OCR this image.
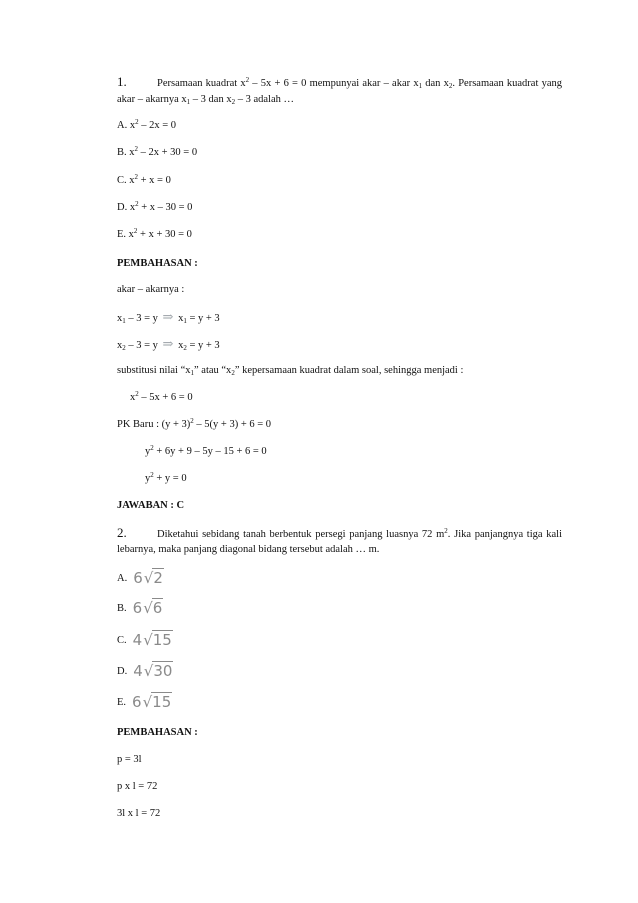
1.	Persamaan kuadrat $x^2 - 5x + 6 = 0$ mempunyai akar – akar $x_1$ dan $x_2$. Persamaan kuadrat yang
akar – akarnya $x_1 - 3$ dan $x_2 - 3$ adalah …
A. $x^2 - 2x = 0$
B. $x^2 - 2x + 30 = 0$
C. $x^2 + x = 0$
D. $x^2 + x - 30 = 0$
E. $x^2 + x + 30 = 0$
PEMBAHASAN :
akar – akarnya :
$x_1 - 3 = y$ ⇒ $x_1 = y + 3$
$x_2 - 3 = y$ ⇒ $x_2 = y + 3$
substitusi nilai “$x_1$” atau “$x_2$” kepersamaan kuadrat dalam soal, sehingga menjadi :
$x^2 - 5x + 6 = 0$
PK Baru : $(y + 3)^2 - 5(y + 3) + 6 = 0$
$y^2 + 6y + 9 - 5y - 15 + 6 = 0$
$y^2 + y = 0$
JAWABAN : C
2.	Diketahui sebidang tanah berbentuk persegi panjang luasnya 72 $m^2$. Jika panjangnya tiga kali
lebarnya, maka panjang diagonal bidang tersebut adalah … m.
A. 6√2
B. 6√6
C. 4√15
D. 4√30
E. 6√15
PEMBAHASAN :
p = 3l
p x l = 72
3l x l = 72
